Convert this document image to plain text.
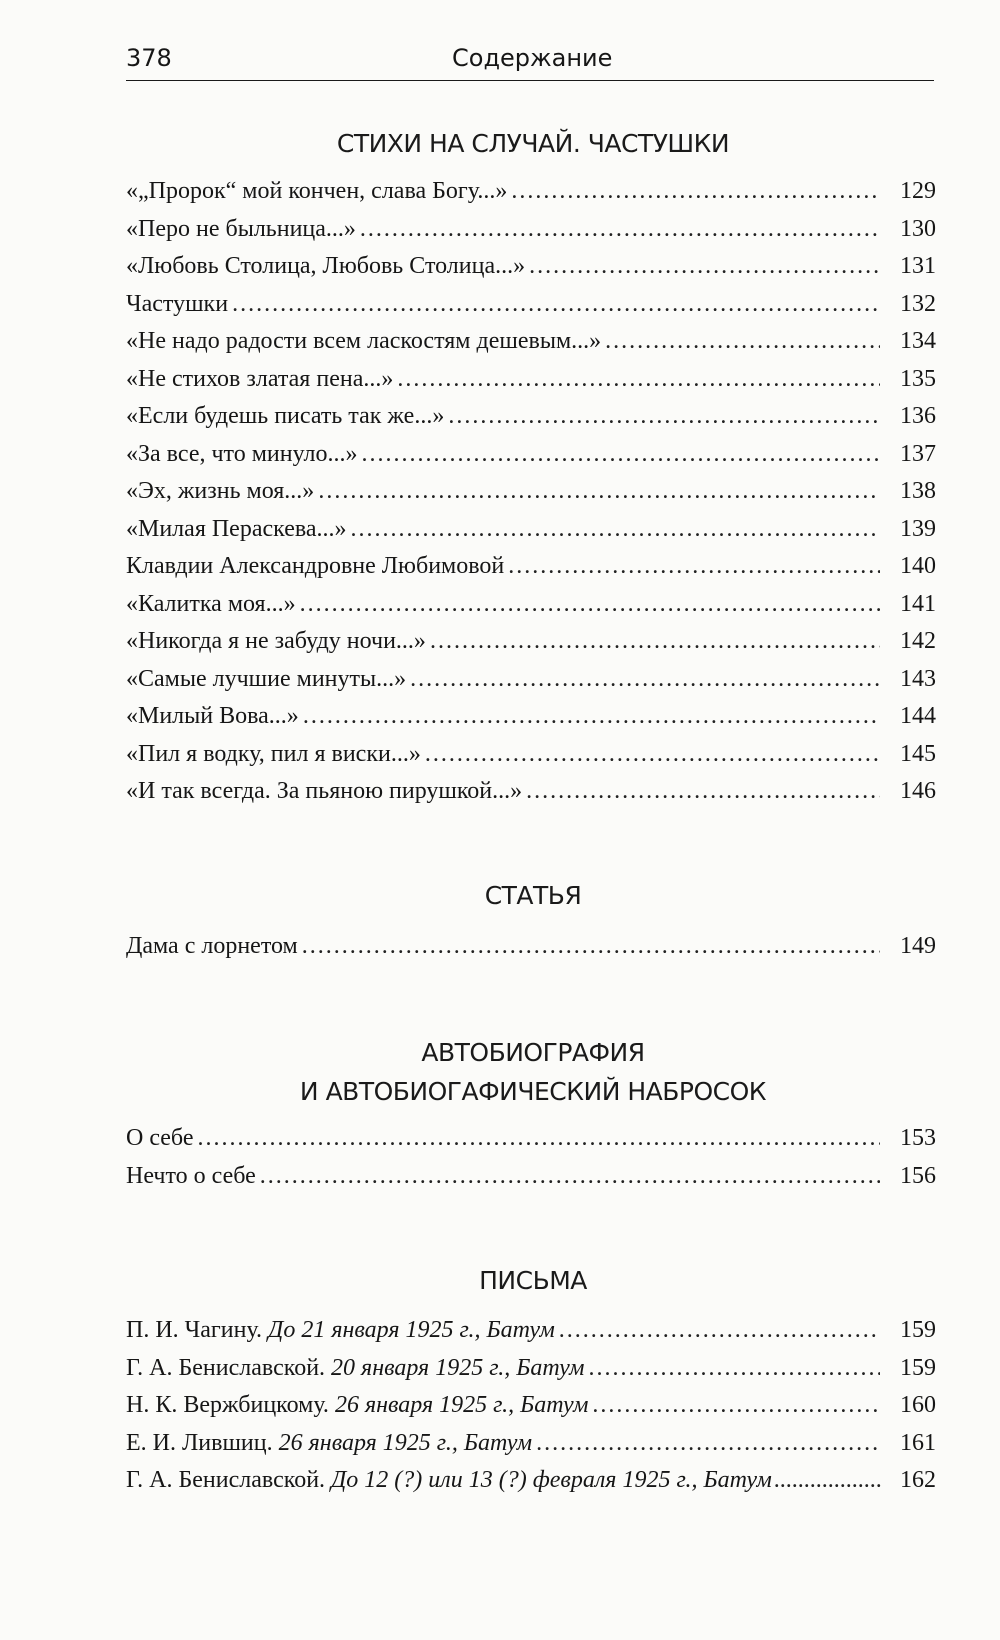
378	Содержание
СТИХИ НА СЛУЧАЙ. ЧАСТУШКИ
«„Пророк“ мой кончен, слава Богу...» .....	129
«Перо не быльница...» .....	130
«Любовь Столица, Любовь Столица...» .....	131
Частушки .....	132
«Не надо радости всем ласкостям дешевым...» .....	134
«Не стихов златая пена...» .....	135
«Если будешь писать так же...» .....	136
«За все, что минуло...» .....	137
«Эх, жизнь моя...» .....	138
«Милая Пераскева...» .....	139
Клавдии Александровне Любимовой .....	140
«Калитка моя...» .....	141
«Никогда я не забуду ночи...» .....	142
«Самые лучшие минуты...» .....	143
«Милый Вова...» .....	144
«Пил я водку, пил я виски...» .....	145
«И так всегда. За пьяною пирушкой...» .....	146
СТАТЬЯ
Дама с лорнетом .....	149
АВТОБИОГРАФИЯ
И АВТОБИОГАФИЧЕСКИЙ НАБРОСОК
О себе .....	153
Нечто о себе .....	156
ПИСЬМА
П. И. Чагину. До 21 января 1925 г., Батум .....	159
Г. А. Бениславской. 20 января 1925 г., Батум .....	159
Н. К. Вержбицкому. 26 января 1925 г., Батум .....	160
Е. И. Лившиц. 26 января 1925 г., Батум .....	161
Г. А. Бениславской. До 12 (?) или 13 (?) февраля 1925 г., Батум .....	162
